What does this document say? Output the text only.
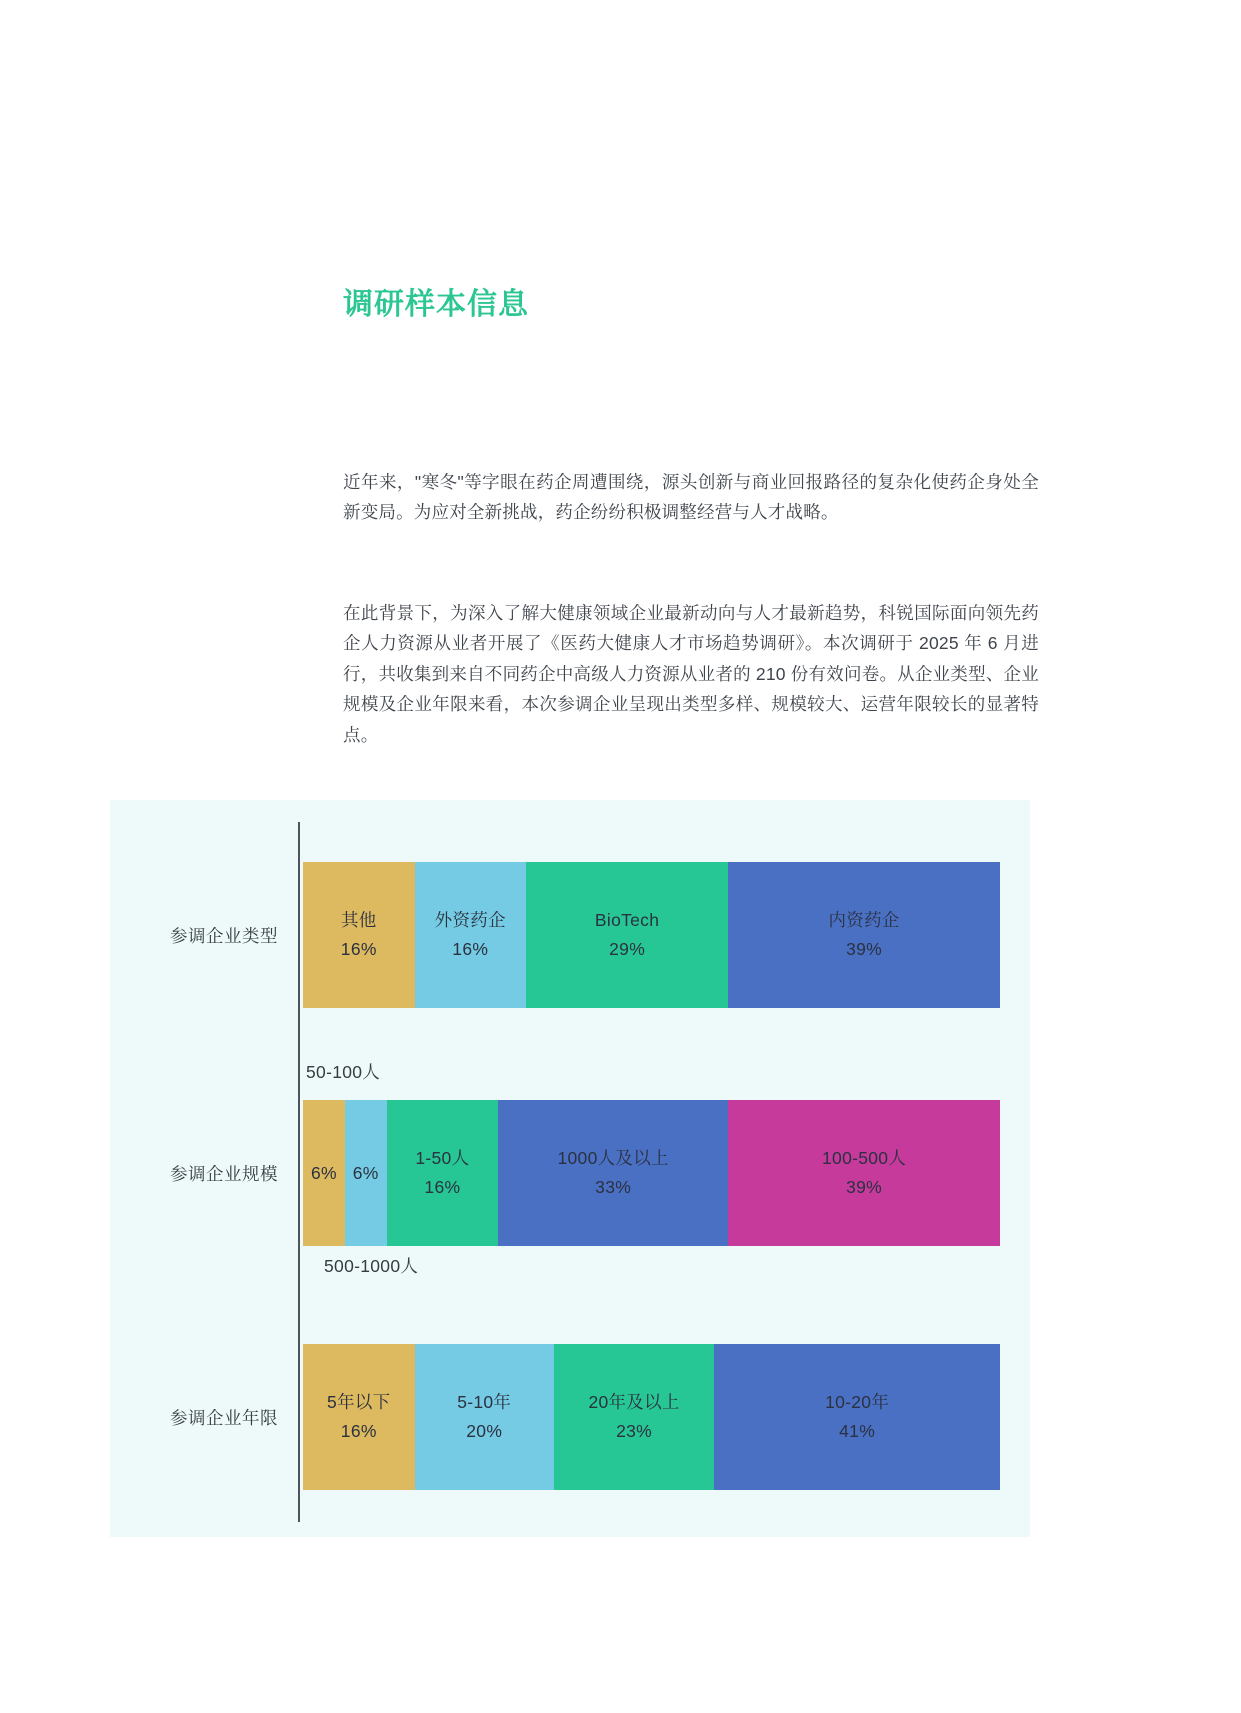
调研样本信息

近年来，"寒冬"等字眼在药企周遭围绕，源头创新与商业回报路径的复杂化使药企身处全新变局。为应对全新挑战，药企纷纷积极调整经营与人才战略。

在此背景下，为深入了解大健康领域企业最新动向与人才最新趋势，科锐国际面向领先药企人力资源从业者开展了《医药大健康人才市场趋势调研》。本次调研于 2025 年 6 月进行，共收集到来自不同药企中高级人力资源从业者的 210 份有效问卷。从企业类型、企业规模及企业年限来看，本次参调企业呈现出类型多样、规模较大、运营年限较长的显著特点。

参调企业类型
其他
16%
外资药企
16%
BioTech
29%
内资药企
39%
参调企业规模 6% 6%
1-50人
16%
1000人及以上
33%
100-500人
39%
50-100人
500-1000人
参调企业年限
5年以下
16%
5-10年
20%
20年及以上
23%
10-20年
41%
